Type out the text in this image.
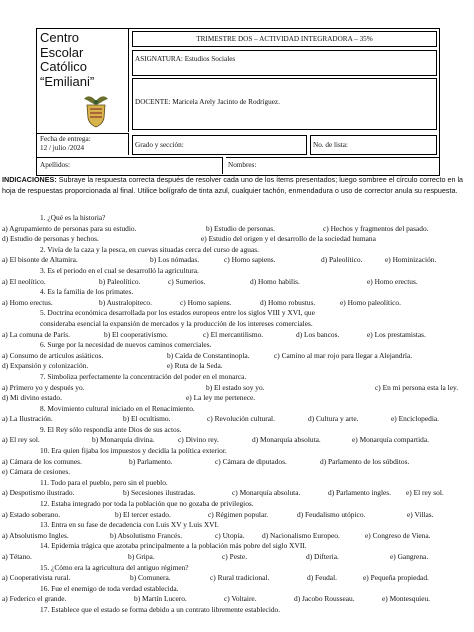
Centro
Escolar
Católico
“Emiliani”
TRIMESTRE DOS – ACTIVIDAD INTEGRADORA – 35%
ASIGNATURA: Estudios Sociales
DOCENTE: Maricela Arely Jacinto de Rodríguez.
Fecha de entrega:
12 / julio /2024	Grado y sección:	No. de lista:
Apellidos:	Nombres:
INDICACIONES: Subraye la respuesta correcta después de resolver cada uno de los ítems presentados; luego sombree el círculo correcto en la hoja de respuestas proporcionada al final. Utilice bolígrafo de tinta azul, cualquier tachón, enmendadura o uso de corrector anula su respuesta.
1. ¿Qué es la historia?
a) Agrupamiento de personas para su estudio.	b) Estudio de personas.	c) Hechos y fragmentos del pasado.
d) Estudio de personas y hechos.	e) Estudio del origen y el desarrollo de la sociedad humana
2. Vivía de la caza y la pesca, en cuevas situadas cerca del curso de aguas.
a) El bisonte de Altamira.	b) Los nómadas.	c) Homo sapiens.	d) Paleolítico.	e) Hominización.
3. Es el periodo en el cual se desarrolló la agricultura.
a) El neolítico.	b) Paleolítico.	c) Sumerios.	d) Homo habilis.	e) Homo erectus.
4. Es la familia de los primates.
a) Homo erectus.	b) Australopiteco.	c) Homo sapiens.	d) Homo robustus.	e) Homo paleolítico.
5. Doctrina económica desarrollada por los estados europeos entre los siglos VIII y XVI, que
consideraba esencial la expansión de mercados y la producción de los intereses comerciales.
a) La comuna de París.	b) El cooperativismo.	c) El mercantilismo.	d) Los bancos.	e) Los prestamistas.
6. Surge por la necesidad de nuevos caminos comerciales.
a) Consumo de artículos asiáticos.	b) Caída de Constantinopla.	c) Camino al mar rojo para llegar a Alejandría.
d) Expansión y colonización.	e) Ruta de la Seda.
7. Simboliza perfectamente la concentración del poder en el monarca.
a) Primero yo y después yo.	b) El estado soy yo.	c) En mi persona esta la ley.
d) Mi divino estado.	e) La ley me pertenece.
8. Movimiento cultural iniciado en el Renacimiento.
a) La Ilustración.	b) El ocultismo.	c) Revolución cultural.	d) Cultura y arte.	e) Enciclopedia.
9. El Rey sólo respondía ante Dios de sus actos.
a) El rey sol.	b) Monarquía divina.	c) Divino rey.	d) Monarquía absoluta.	e) Monarquía compartida.
10. Era quien fijaba los impuestos y decidía la política exterior.
a) Cámara de los comunes.	b) Parlamento.	c) Cámara de diputados.	d) Parlamento de los súbditos.
e) Cámara de cesiones.
11. Todo para el pueblo, pero sin el pueblo.
a) Despotismo ilustrado.	b) Secesiones ilustradas.	c) Monarquía absoluta.	d) Parlamento ingles. e) El rey sol.
12. Estaba integrado por toda la población que no gozaba de privilegios.
a) Estado soberano.	b) El tercer estado.	c) Régimen popular.	d) Feudalismo utópico.	e) Villas.
13. Entra en su fase de decadencia con Luis XV y Luis XVI.
a) Absolutismo Ingles.	b) Absolutismo Francés.	c) Utopía. d) Nacionalismo Europeo.	e) Congreso de Viena.
14. Epidemia trágica que azotaba principalmente a la población más pobre del siglo XVII.
a) Tétano.	b) Gripa.	c) Peste.	d) Difteria.	e) Gangrena.
15. ¿Cómo era la agricultura del antiguo régimen?
a) Cooperativista rural.	b) Comunera.	c) Rural tradicional.	d) Feudal.	e) Pequeña propiedad.
16. Fue el enemigo de toda verdad establecida.
a) Federico el grande.	b) Martín Lucero.	c) Voltaire.	d) Jacobo Rousseau.	e) Montesquieu.
17. Establece que el estado se forma debido a un contrato libremente establecido.
